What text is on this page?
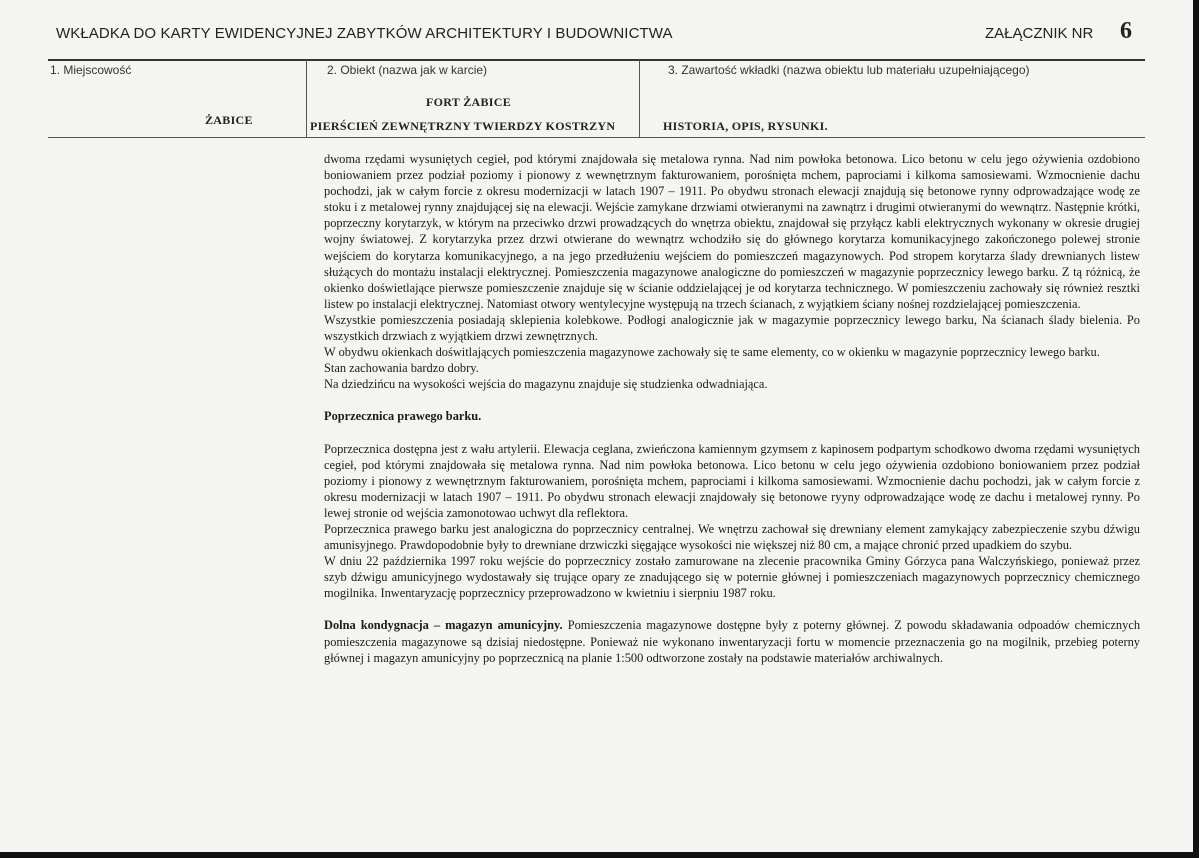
WKŁADKA DO KARTY EWIDENCYJNEJ ZABYTKÓW ARCHITEKTURY I BUDOWNICTWA	ZAŁĄCZNIK NR 6
1. Miejscowość
ŻABICE
2. Obiekt (nazwa jak w karcie)
FORT ŻABICE
PIERŚCIEŃ ZEWNĘTRZNY TWIERDZY KOSTRZYN
3. Zawartość wkładki (nazwa obiektu lub materiału uzupełniającego)
HISTORIA, OPIS, RYSUNKI.

dwoma rzędami wysuniętych cegieł, pod którymi znajdowała się metalowa rynna. Nad nim powłoka betonowa. Lico betonu w celu jego ożywienia ozdobiono boniowaniem przez podział poziomy i pionowy z wewnętrznym fakturowaniem, porośnięta mchem, paprociami i kilkoma samosiewami. Wzmocnienie dachu pochodzi, jak w całym forcie z okresu modernizacji w latach 1907 – 1911. Po obydwu stronach elewacji znajdują się betonowe rynny odprowadzające wodę ze stoku i z metalowej rynny znajdującej się na elewacji. Wejście zamykane drzwiami otwieranymi na zawnątrz i drugimi otwieranymi do wewnątrz. Następnie krótki, poprzeczny korytarzyk, w którym na przeciwko drzwi prowadzących do wnętrza obiektu, znajdował się przyłącz kabli elektrycznych wykonany w okresie drugiej wojny światowej. Z korytarzyka przez drzwi otwierane do wewnątrz wchodziło się do głównego korytarza komunikacyjnego zakończonego polewej stronie wejściem do korytarza komunikacyjnego, a na jego przedłużeniu wejściem do pomieszczeń magazynowych. Pod stropem korytarza ślady drewnianych listew służących do montażu instalacji elektrycznej. Pomieszczenia magazynowe analogiczne do pomieszczeń w magazynie poprzecznicy lewego barku. Z tą różnicą, że okienko doświetlające pierwsze pomieszczenie znajduje się w ścianie oddzielającej je od korytarza technicznego. W pomieszczeniu zachowały się również resztki listew po instalacji elektrycznej. Natomiast otwory wentylecyjne występują na trzech ścianach, z wyjątkiem ściany nośnej rozdzielającej pomieszczenia.

Wszystkie pomieszczenia posiadają sklepienia kolebkowe. Podłogi analogicznie jak w magazymie poprzecznicy lewego barku, Na ścianach ślady bielenia. Po wszystkich drzwiach z wyjątkiem drzwi zewnętrznych.

W obydwu okienkach doświtlających pomieszczenia magazynowe zachowały się te same elementy, co w okienku w magazynie poprzecznicy lewego barku.

Stan zachowania bardzo dobry.

Na dziedzińcu na wysokości wejścia do magazynu znajduje się studzienka odwadniająca.

Poprzecznica prawego barku.

Poprzecznica dostępna jest z wału artylerii. Elewacja ceglana, zwieńczona kamiennym gzymsem z kapinosem podpartym schodkowo dwoma rzędami wysuniętych cegieł, pod którymi znajdowała się metalowa rynna. Nad nim powłoka betonowa. Lico betonu w celu jego ożywienia ozdobiono boniowaniem przez podział poziomy i pionowy z wewnętrznym fakturowaniem, porośnięta mchem, paprociami i kilkoma samosiewami. Wzmocnienie dachu pochodzi, jak w całym forcie z okresu modernizacji w latach 1907 – 1911. Po obydwu stronach elewacji znajdowały się betonowe ryyny odprowadzające wodę ze dachu i metalowej rynny. Po lewej stronie od wejścia zamonotowao uchwyt dla reflektora.

Poprzecznica prawego barku jest analogiczna do poprzecznicy centralnej. We wnętrzu zachował się drewniany element zamykający zabezpieczenie szybu dźwigu amunisyjnego. Prawdopodobnie były to drewniane drzwiczki sięgające wysokości nie większej niż 80 cm, a mające chronić przed upadkiem do szybu.

W dniu 22 października 1997 roku wejście do poprzecznicy zostało zamurowane na zlecenie pracownika Gminy Górzyca pana Walczyńskiego, ponieważ przez szyb dźwigu amunicyjnego wydostawały się trujące opary ze znadującego się w poternie głównej i pomieszczeniach magazynowych poprzecznicy chemicznego mogilnika. Inwentaryzację poprzecznicy przeprowadzono w kwietniu i sierpniu 1987 roku.

Dolna kondygnacja – magazyn amunicyjny. Pomieszczenia magazynowe dostępne były z poterny głównej. Z powodu składawania odpoadów chemicznych pomieszczenia magazynowe są dzisiaj niedostępne. Ponieważ nie wykonano inwentaryzacji fortu w momencie przeznaczenia go na mogilnik, przebieg poterny głównej i magazyn amunicyjny po poprzecznicą na planie 1:500 odtworzone zostały na podstawie materiałów archiwalnych.
